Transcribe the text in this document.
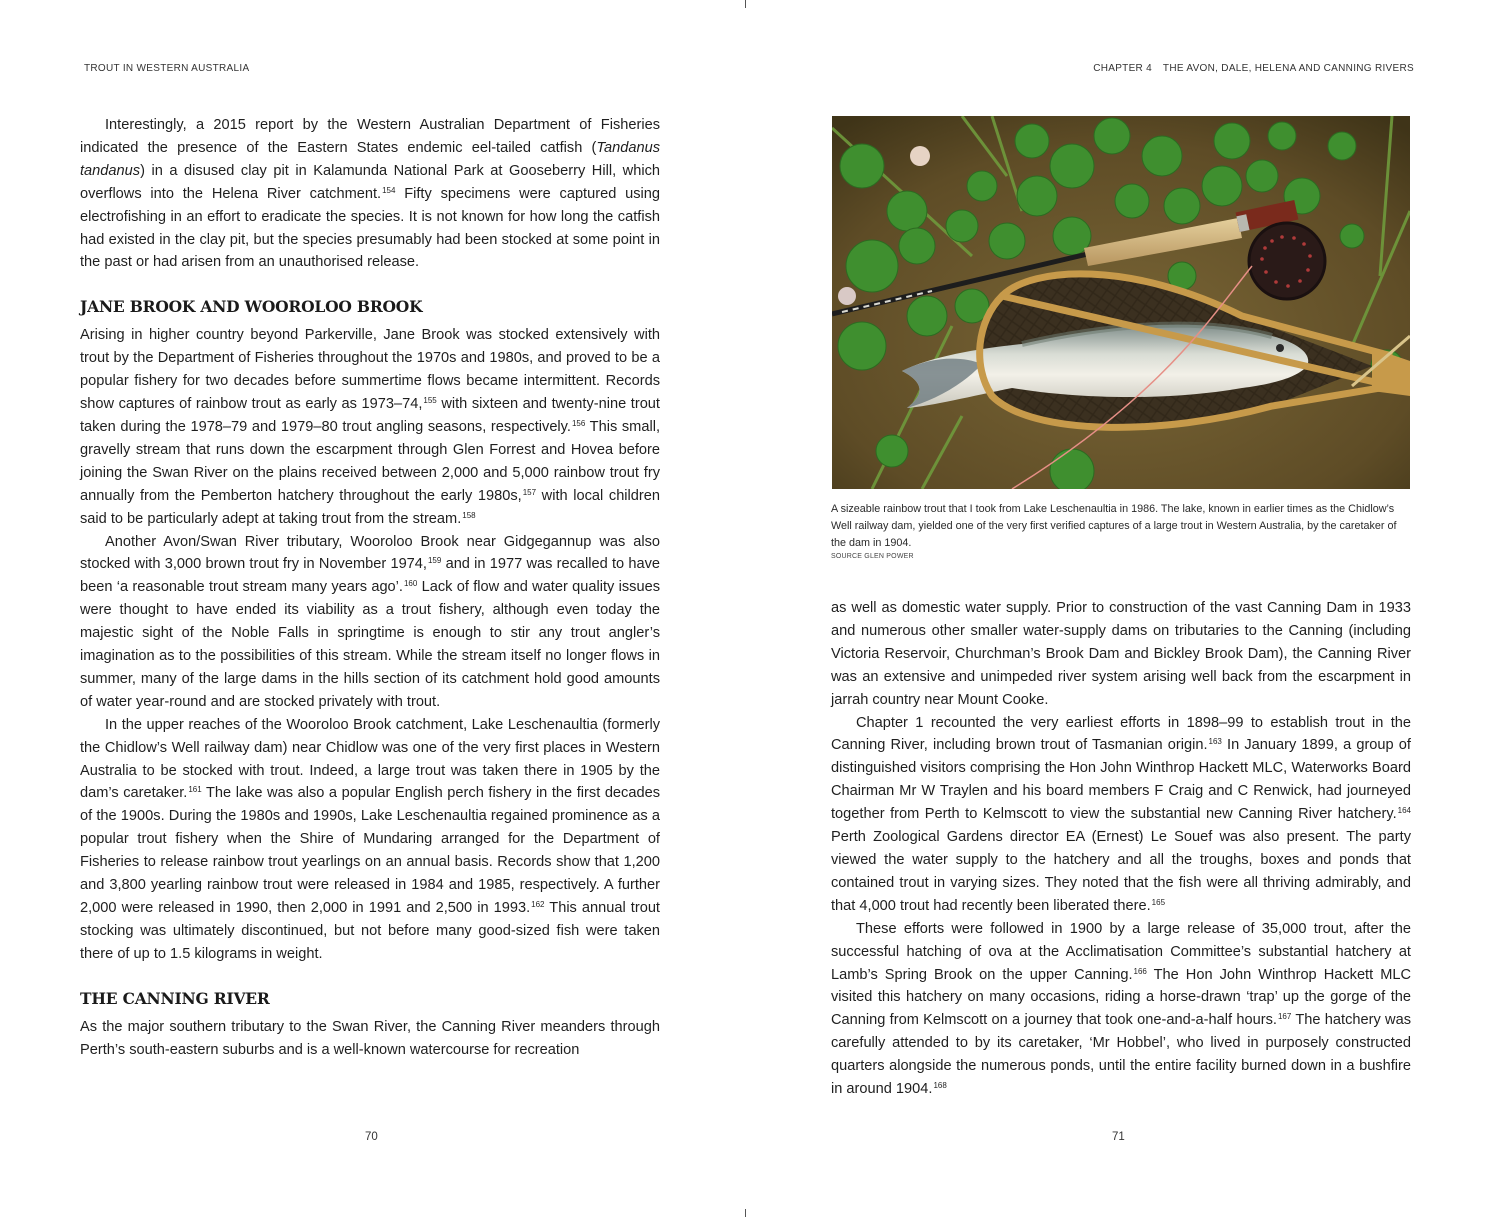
TROUT IN WESTERN AUSTRALIA

Interestingly, a 2015 report by the Western Australian Department of Fisheries indicated the presence of the Eastern States endemic eel-tailed catfish (Tandanus tandanus) in a disused clay pit in Kalamunda National Park at Gooseberry Hill, which overflows into the Helena River catchment.$^{154}$ Fifty specimens were captured using electrofishing in an effort to eradicate the species. It is not known for how long the catfish had existed in the clay pit, but the species presumably had been stocked at some point in the past or had arisen from an unauthorised release.

JANE BROOK AND WOOROLOO BROOK

Arising in higher country beyond Parkerville, Jane Brook was stocked extensively with trout by the Department of Fisheries throughout the 1970s and 1980s, and proved to be a popular fishery for two decades before summertime flows became intermittent. Records show captures of rainbow trout as early as 1973–74,$^{155}$ with sixteen and twenty-nine trout taken during the 1978–79 and 1979–80 trout angling seasons, respectively.$^{156}$ This small, gravelly stream that runs down the escarpment through Glen Forrest and Hovea before joining the Swan River on the plains received between 2,000 and 5,000 rainbow trout fry annually from the Pemberton hatchery throughout the early 1980s,$^{157}$ with local children said to be particularly adept at taking trout from the stream.$^{158}$

Another Avon/Swan River tributary, Wooroloo Brook near Gidgegannup was also stocked with 3,000 brown trout fry in November 1974,$^{159}$ and in 1977 was recalled to have been ‘a reasonable trout stream many years ago’.$^{160}$ Lack of flow and water quality issues were thought to have ended its viability as a trout fishery, although even today the majestic sight of the Noble Falls in springtime is enough to stir any trout angler’s imagination as to the possibilities of this stream. While the stream itself no longer flows in summer, many of the large dams in the hills section of its catchment hold good amounts of water year-round and are stocked privately with trout.

In the upper reaches of the Wooroloo Brook catchment, Lake Leschenaultia (formerly the Chidlow’s Well railway dam) near Chidlow was one of the very first places in Western Australia to be stocked with trout. Indeed, a large trout was taken there in 1905 by the dam’s caretaker.$^{161}$ The lake was also a popular English perch fishery in the first decades of the 1900s. During the 1980s and 1990s, Lake Leschenaultia regained prominence as a popular trout fishery when the Shire of Mundaring arranged for the Department of Fisheries to release rainbow trout yearlings on an annual basis. Records show that 1,200 and 3,800 yearling rainbow trout were released in 1984 and 1985, respectively. A further 2,000 were released in 1990, then 2,000 in 1991 and 2,500 in 1993.$^{162}$ This annual trout stocking was ultimately discontinued, but not before many good-sized fish were taken there of up to 1.5 kilograms in weight.

THE CANNING RIVER

As the major southern tributary to the Swan River, the Canning River meanders through Perth’s south-eastern suburbs and is a well-known watercourse for recreation

70
CHAPTER 4 THE AVON, DALE, HELENA AND CANNING RIVERS
A sizeable rainbow trout that I took from Lake Leschenaultia in 1986. The lake, known in earlier times as the Chidlow’s Well railway dam, yielded one of the very first verified captures of a large trout in Western Australia, by the caretaker of the dam in 1904.
SOURCE GLEN POWER

as well as domestic water supply. Prior to construction of the vast Canning Dam in 1933 and numerous other smaller water-supply dams on tributaries to the Canning (including Victoria Reservoir, Churchman’s Brook Dam and Bickley Brook Dam), the Canning River was an extensive and unimpeded river system arising well back from the escarpment in jarrah country near Mount Cooke.

Chapter 1 recounted the very earliest efforts in 1898–99 to establish trout in the Canning River, including brown trout of Tasmanian origin.$^{163}$ In January 1899, a group of distinguished visitors comprising the Hon John Winthrop Hackett MLC, Waterworks Board Chairman Mr W Traylen and his board members F Craig and C Renwick, had journeyed together from Perth to Kelmscott to view the substantial new Canning River hatchery.$^{164}$ Perth Zoological Gardens director EA (Ernest) Le Souef was also present. The party viewed the water supply to the hatchery and all the troughs, boxes and ponds that contained trout in varying sizes. They noted that the fish were all thriving admirably, and that 4,000 trout had recently been liberated there.$^{165}$

These efforts were followed in 1900 by a large release of 35,000 trout, after the successful hatching of ova at the Acclimatisation Committee’s substantial hatchery at Lamb’s Spring Brook on the upper Canning.$^{166}$ The Hon John Winthrop Hackett MLC visited this hatchery on many occasions, riding a horse-drawn ‘trap’ up the gorge of the Canning from Kelmscott on a journey that took one-and-a-half hours.$^{167}$ The hatchery was carefully attended to by its caretaker, ‘Mr Hobbel’, who lived in purposely constructed quarters alongside the numerous ponds, until the entire facility burned down in a bushfire in around 1904.$^{168}$

71
